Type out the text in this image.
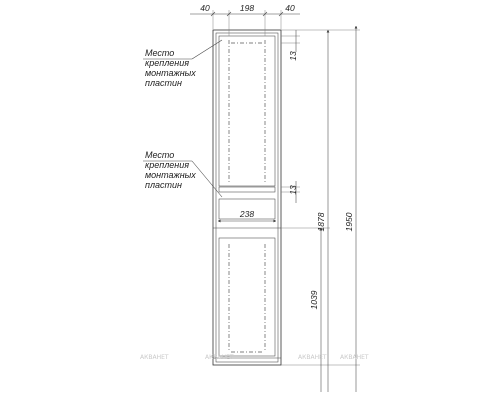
40	198	40
13
13
238
1039
1878 1950
Место
крепления
монтажных
пластин
Место
крепления
монтажных
пластин
АКВАНЕТ	АКВАНЕТ	АКВАНЕТ АКВАНЕТ
